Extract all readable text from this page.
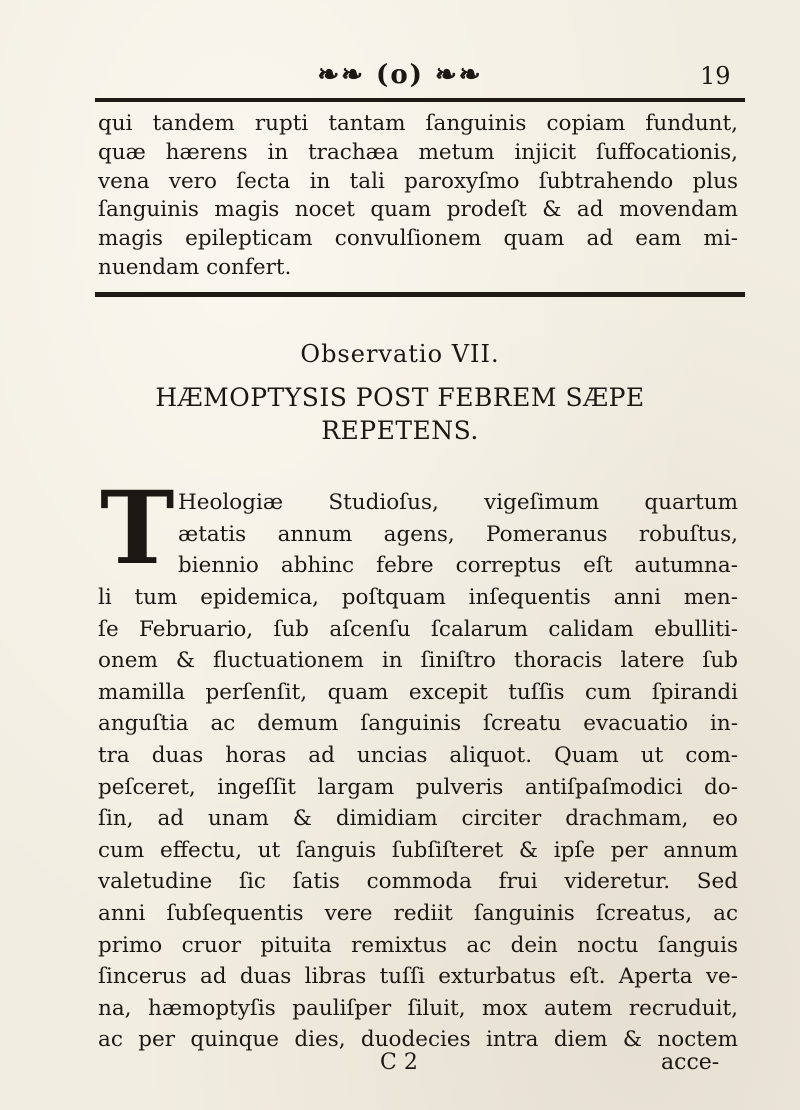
❧❧ (o) ❧❧	19
qui tandem rupti tantam ſanguinis copiam fundunt,
quæ hærens in trachæa metum injicit ſuffocationis,
vena vero ſecta in tali paroxyſmo ſubtrahendo plus
ſanguinis magis nocet quam prodeſt & ad movendam
magis epilepticam convulſionem quam ad eam mi-
nuendam confert.
Observatio VII.
HÆMOPTYSIS POST FEBREM SÆPE
REPETENS.
T Heologiæ Studioſus, vigeſimum quartum
ætatis annum agens, Pomeranus robuſtus,
biennio abhinc febre correptus eſt autumna-
li tum epidemica, poſtquam inſequentis anni men-
ſe Februario, ſub aſcenſu ſcalarum calidam ebulliti-
onem & fluctuationem in ſiniſtro thoracis latere ſub
mamilla perſenſit, quam excepit tuſſis cum ſpirandi
anguſtia ac demum ſanguinis ſcreatu evacuatio in-
tra duas horas ad uncias aliquot. Quam ut com-
peſceret, ingeſſit largam pulveris antiſpaſmodici do-
ſin, ad unam & dimidiam circiter drachmam, eo
cum effectu, ut ſanguis ſubſiſteret & ipſe per annum
valetudine ſic ſatis commoda frui videretur. Sed
anni ſubſequentis vere rediit ſanguinis ſcreatus, ac
primo cruor pituita remixtus ac dein noctu ſanguis
ſincerus ad duas libras tuſſi exturbatus eſt. Aperta ve-
na, hæmoptyſis pauliſper ſiluit, mox autem recruduit,
ac per quinque dies, duodecies intra diem & noctem
C 2	acce-
